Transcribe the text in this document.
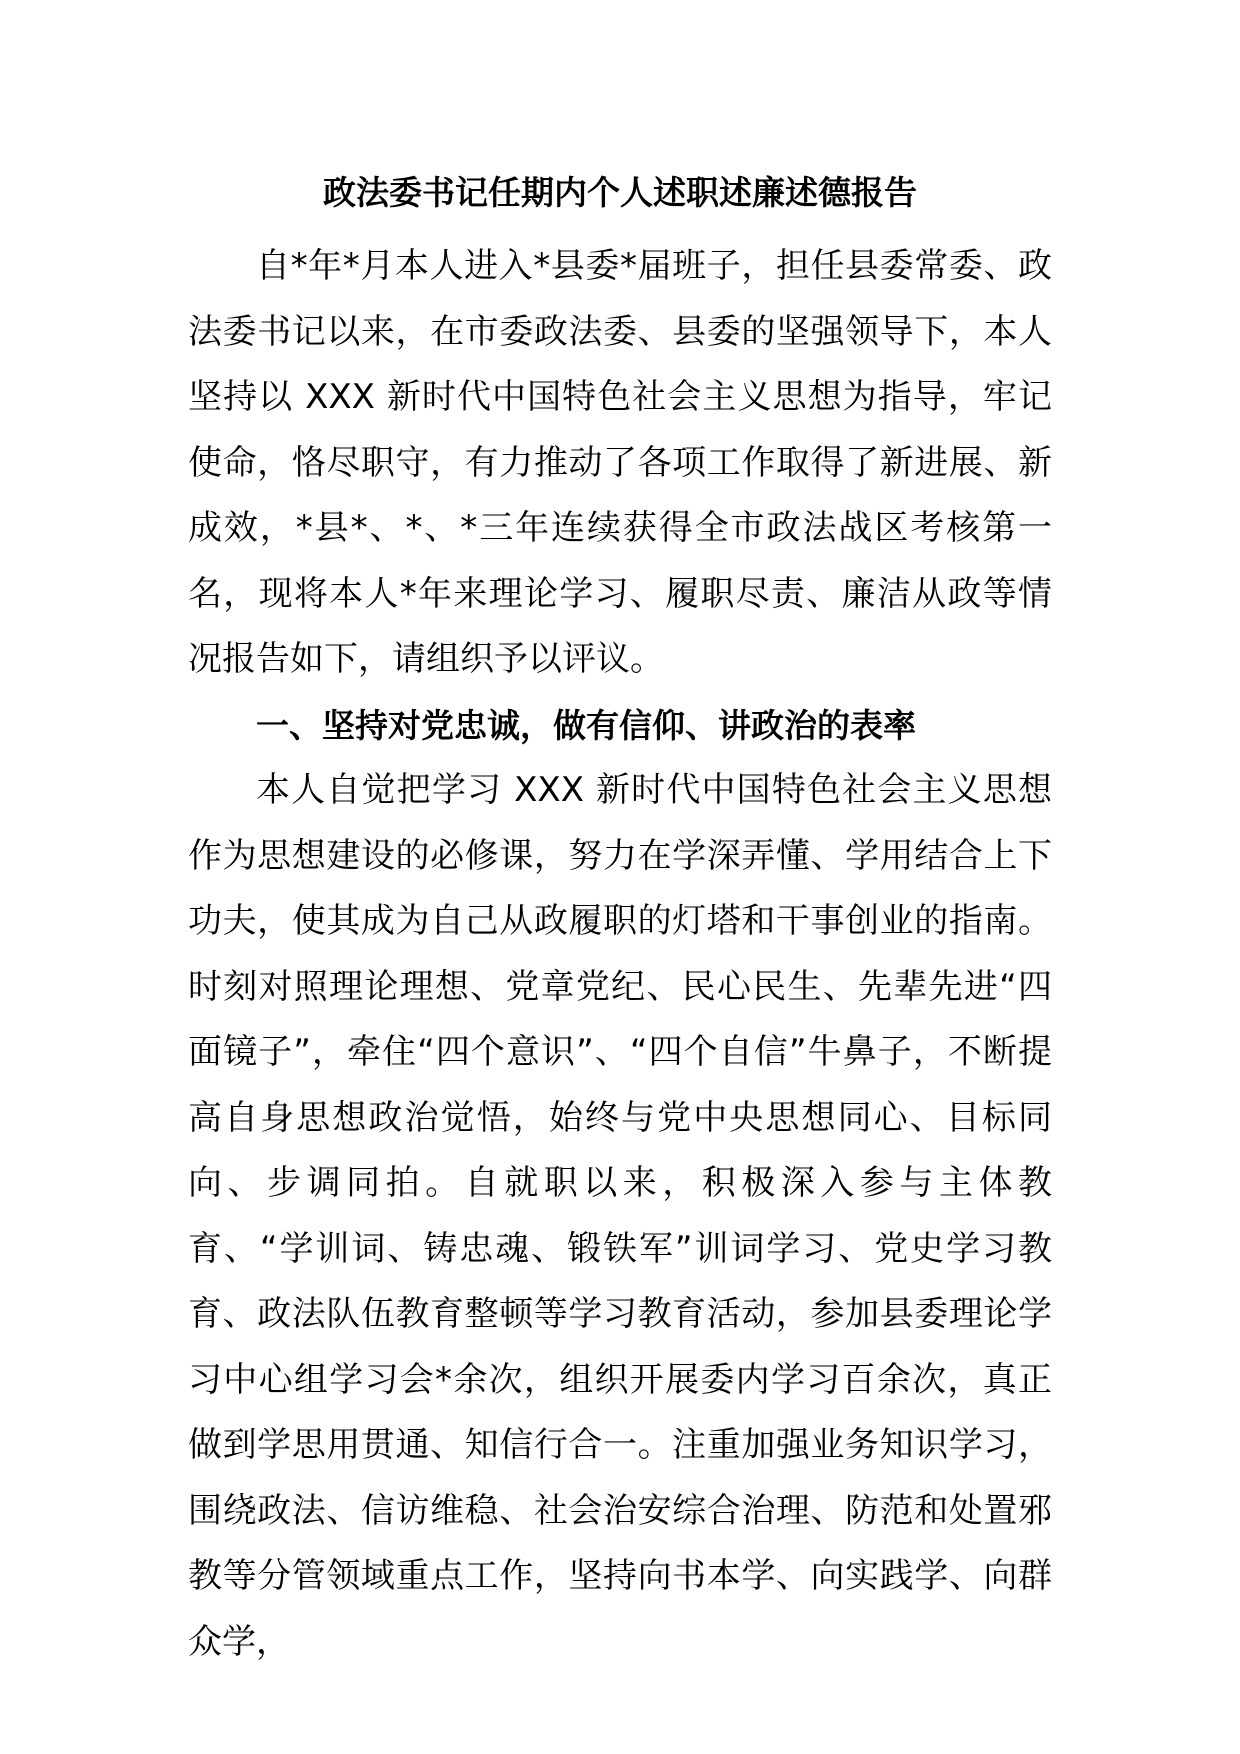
政法委书记任期内个人述职述廉述德报告

自*年*月本人进入*县委*届班子，担任县委常委、政法委书记以来，在市委政法委、县委的坚强领导下，本人坚持以 XXX 新时代中国特色社会主义思想为指导，牢记使命，恪尽职守，有力推动了各项工作取得了新进展、新成效，*县*、*、*三年连续获得全市政法战区考核第一名，现将本人*年来理论学习、履职尽责、廉洁从政等情况报告如下，请组织予以评议。

一、坚持对党忠诚，做有信仰、讲政治的表率

本人自觉把学习 XXX 新时代中国特色社会主义思想作为思想建设的必修课，努力在学深弄懂、学用结合上下功夫，使其成为自己从政履职的灯塔和干事创业的指南。时刻对照理论理想、党章党纪、民心民生、先辈先进“四面镜子”，牵住“四个意识”、“四个自信”牛鼻子，不断提高自身思想政治觉悟，始终与党中央思想同心、目标同向、步调同拍。自就职以来，积极深入参与主体教育、“学训词、铸忠魂、锻铁军”训词学习、党史学习教育、政法队伍教育整顿等学习教育活动，参加县委理论学习中心组学习会*余次，组织开展委内学习百余次，真正做到学思用贯通、知信行合一。注重加强业务知识学习，围绕政法、信访维稳、社会治安综合治理、防范和处置邪教等分管领域重点工作，坚持向书本学、向实践学、向群众学，
